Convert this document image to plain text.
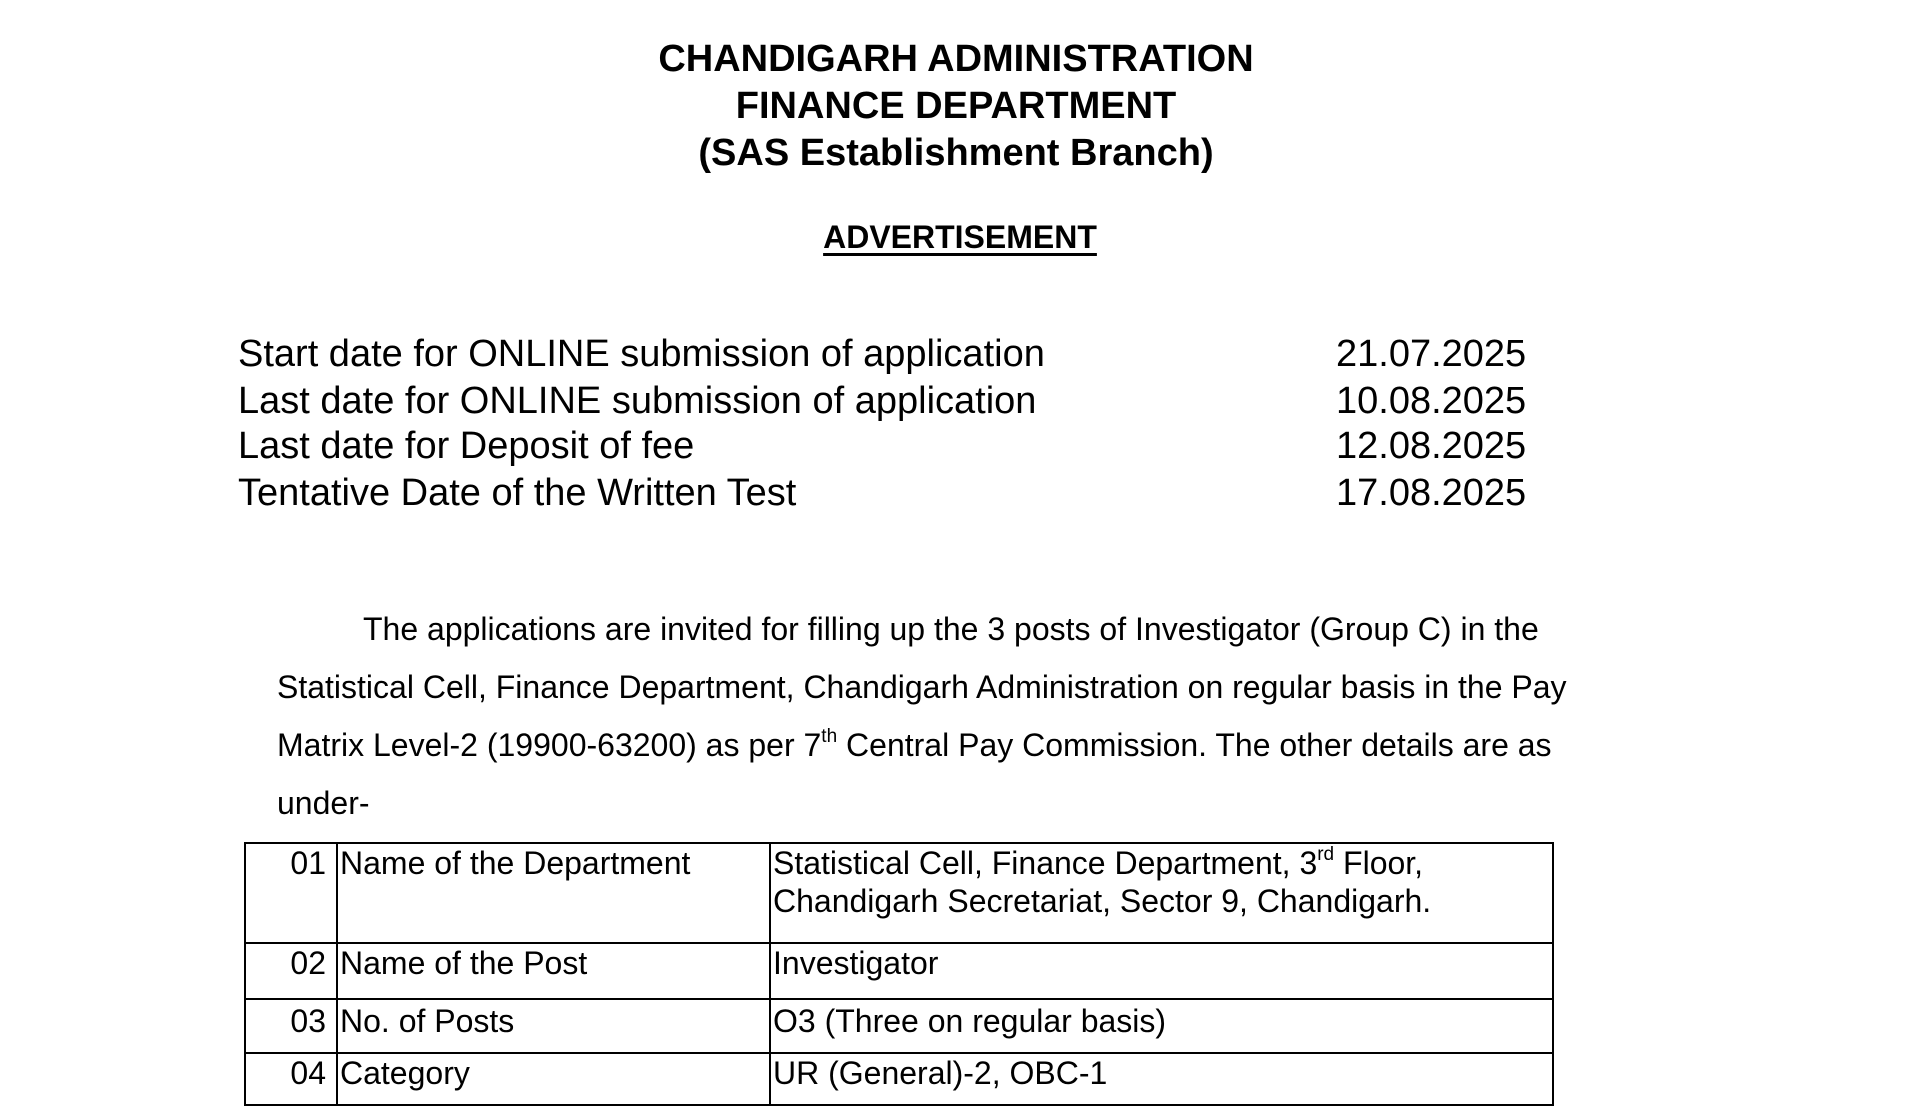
CHANDIGARH ADMINISTRATION
FINANCE DEPARTMENT
(SAS Establishment Branch)
ADVERTISEMENT
Start date for ONLINE submission of application	21.07.2025
Last date for ONLINE submission of application	10.08.2025
Last date for Deposit of fee	12.08.2025
Tentative Date of the Written Test	17.08.2025
The applications are invited for filling up the 3 posts of Investigator (Group C) in the
Statistical Cell, Finance Department, Chandigarh Administration on regular basis in the Pay
Matrix Level-2 (19900-63200) as per 7th Central Pay Commission. The other details are as
under-
01	Name of the Department	Statistical Cell, Finance Department, 3rd Floor,
Chandigarh Secretariat, Sector 9, Chandigarh.
02	Name of the Post	Investigator
03	No. of Posts	O3 (Three on regular basis)
04	Category	UR (General)-2, OBC-1
